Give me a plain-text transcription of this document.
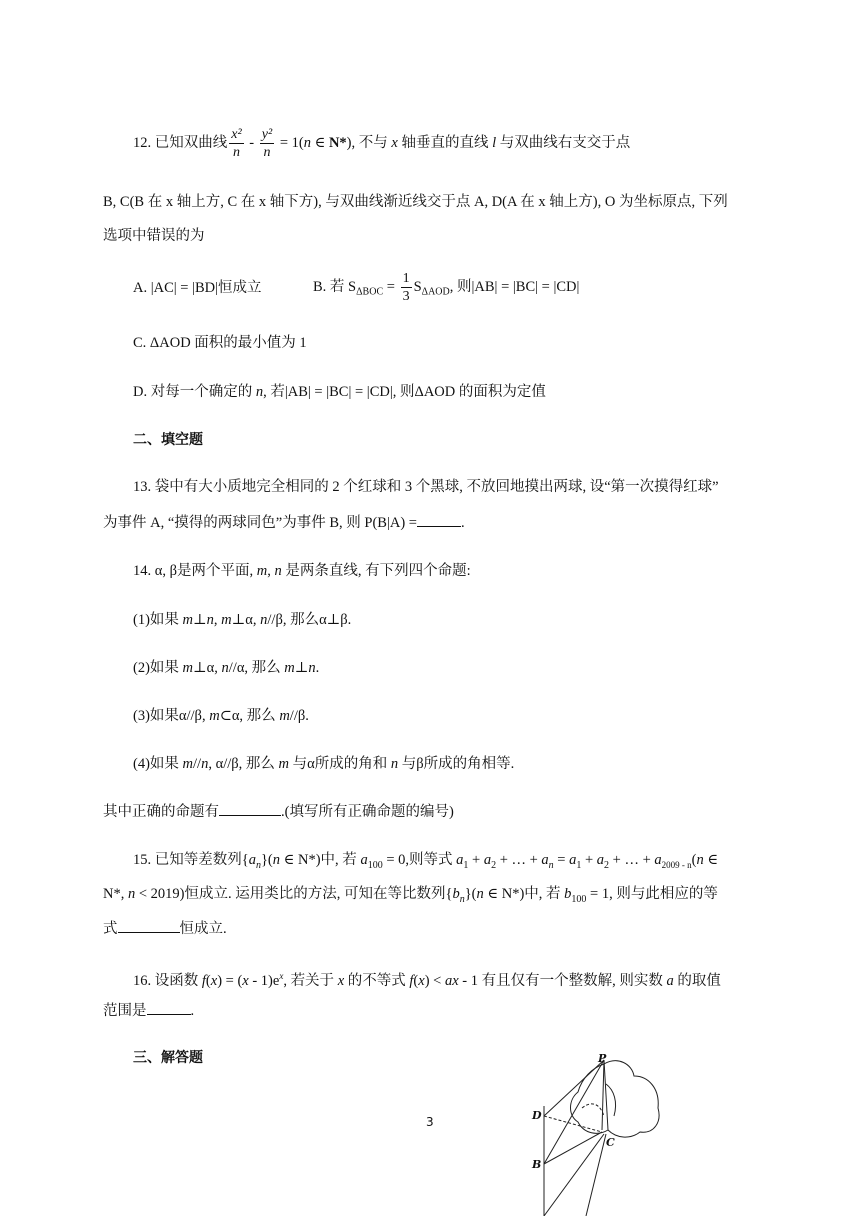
12. 已知双曲线 $\frac{\text{x²}}{n} - \frac{\text{y²}}{n} = 1(n$ ∈ N*), 不与 x 轴垂直的直线 l 与双曲线右支交于点
B, C(B 在 x 轴上方, C 在 x 轴下方), 与双曲线渐近线交于点 A, D(A 在 x 轴上方), O 为坐标原点, 下列
选项中错误的为
A. |AC| = |BD|恒成立	B. 若 $S_{\Delta BOC} = \frac{1}{3} S_{\Delta AOD}$, 则|AB| = |BC| = |CD|
C. ΔAOD 面积的最小值为 1
D. 对每一个确定的 n, 若|AB| = |BC| = |CD|, 则ΔAOD 的面积为定值
二、填空题
13. 袋中有大小质地完全相同的 2 个红球和 3 个黑球, 不放回地摸出两球, 设“第一次摸得红球”
为事件 A, “摸得的两球同色”为事件 B, 则 P(B|A) =	.
14. α, β是两个平面, m, n 是两条直线, 有下列四个命题:
(1)如果 m⊥n, m⊥α, n//β, 那么α⊥β.
(2)如果 m⊥α, n//α, 那么 m⊥n.
(3)如果α//β, m⊂α, 那么 m//β.
(4)如果 m//n, α//β, 那么 m 与α所成的角和 n 与β所成的角相等.
其中正确的命题有	.(填写所有正确命题的编号)
15. 已知等差数列$\{a_n\}(n$ ∈ N*)中, 若 $a_{100} = 0$,则等式 $a_1 + a_2$ + … + $a_n = a_1 + a_2$ + … + $a_{2009 - n}(n$ ∈
N*, n < 2019)恒成立. 运用类比的方法, 可知在等比数列$\{b_n\}(n$ ∈ N*)中, 若 $b_{100} = 1$, 则与此相应的等
式	恒成立.
16. 设函数 $f(x) = (x - 1)e^x$, 若关于 x 的不等式 f(x) < ax - 1 有且仅有一个整数解, 则实数 a 的取值
范围是	.
三、解答题
3
P
D
B
C
